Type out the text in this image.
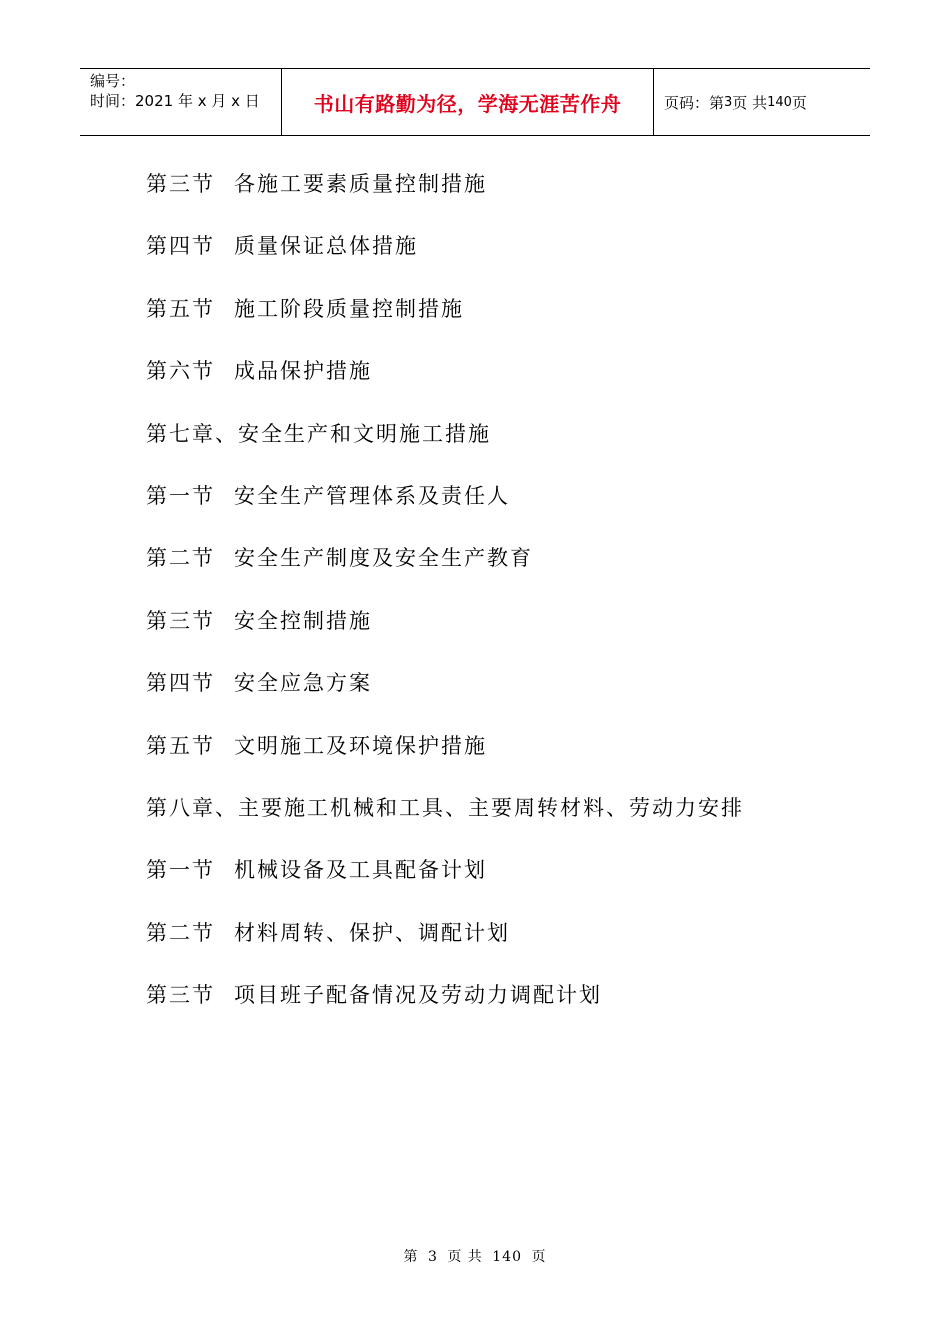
编号：
时间：2021 年 x 月 x 日	书山有路勤为径，学海无涯苦作舟	页码：第 3 页 共 140 页
第三节 各施工要素质量控制措施
第四节 质量保证总体措施
第五节 施工阶段质量控制措施
第六节 成品保护措施
第七章、安全生产和文明施工措施
第一节 安全生产管理体系及责任人
第二节 安全生产制度及安全生产教育
第三节 安全控制措施
第四节 安全应急方案
第五节 文明施工及环境保护措施
第八章、主要施工机械和工具、主要周转材料、劳动力安排
第一节 机械设备及工具配备计划
第二节 材料周转、保护、调配计划
第三节 项目班子配备情况及劳动力调配计划
第 3 页 共 140 页
